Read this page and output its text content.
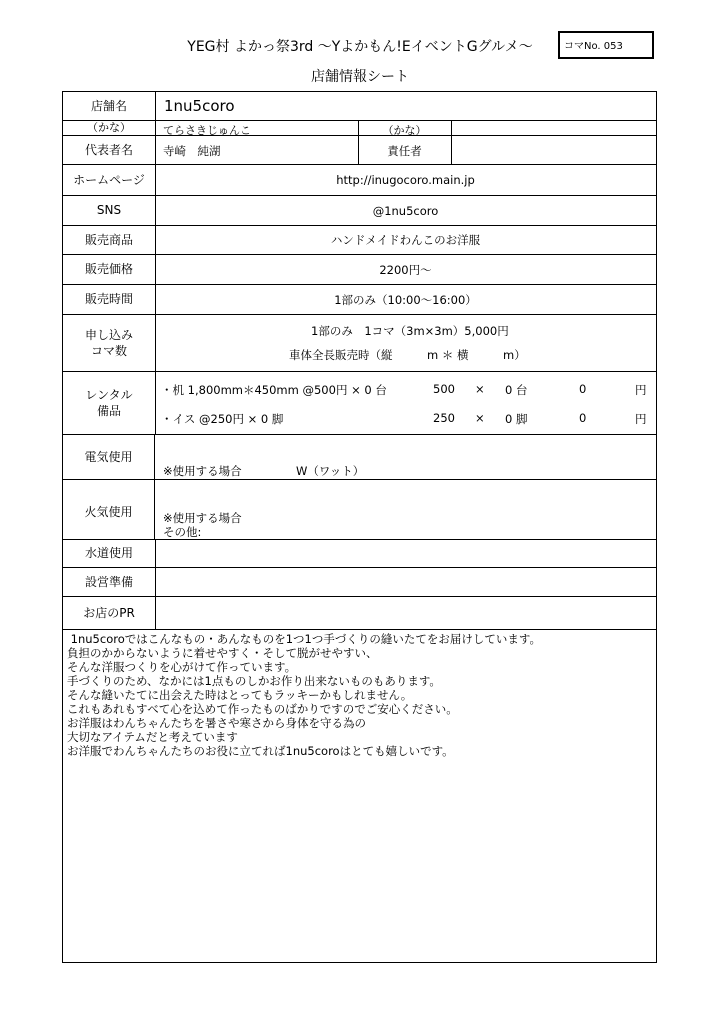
YEG村 よかっ祭3rd ～Yよかもん!EイベントGグルメ～
店舗情報シート
コマNo. 053
店舗名	1nu5coro
（かな）	てらさきじゅんこ	（かな）
代表者名	寺崎　純湖	責任者
ホームページ	http://inugocoro.main.jp
SNS	@1nu5coro
販売商品	ハンドメイドわんこのお洋服
販売価格	2200円～
販売時間	1部のみ（10:00～16:00）
申し込み
コマ数
1部のみ　1コマ（3m×3m）5,000円
車体全長販売時（縦　　　m ＊ 横　　　m）
レンタル
備品
・机 1,800mm＊450mm @500円 × 0 台	500 × 0 台	0	円
・イス @250円 × 0 脚	250 × 0 脚	0	円
電気使用
※使用する場合	W（ワット）
火気使用	※使用する場合
その他:
水道使用
設営準備
お店のPR
1nu5coroではこんなもの・あんなものを1つ1つ手づくりの縫いたてをお届けしています。
負担のかからないように着せやすく・そして脱がせやすい、
そんな洋服つくりを心がけて作っています。
手づくりのため、なかには1点ものしかお作り出来ないものもあります。
そんな縫いたてに出会えた時はとってもラッキーかもしれません。
これもあれもすべて心を込めて作ったものばかりですのでご安心ください。
お洋服はわんちゃんたちを暑さや寒さから身体を守る為の
大切なアイテムだと考えています
お洋服でわんちゃんたちのお役に立てれば1nu5coroはとても嬉しいです。
